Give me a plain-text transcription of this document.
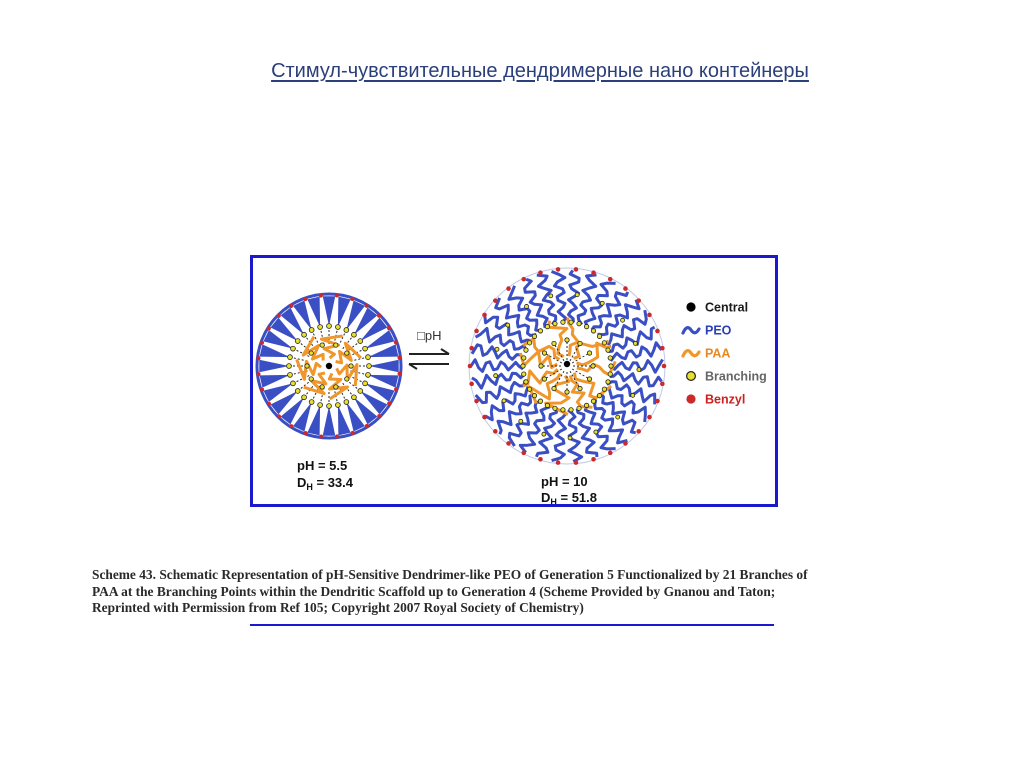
Стимул-чувствительные дендримерные нано контейнеры
□pH
Central
PEO
PAA
Branching
Benzyl
pH = 5.5
$D_H = 33.4$	pH = 10
$D_H = 51.8$
Scheme 43. Schematic Representation of pH-Sensitive Dendrimer-like PEO of Generation 5 Functionalized by 21 Branches of
PAA at the Branching Points within the Dendritic Scaffold up to Generation 4 (Scheme Provided by Gnanou and Taton;
Reprinted with Permission from Ref 105; Copyright 2007 Royal Society of Chemistry)
